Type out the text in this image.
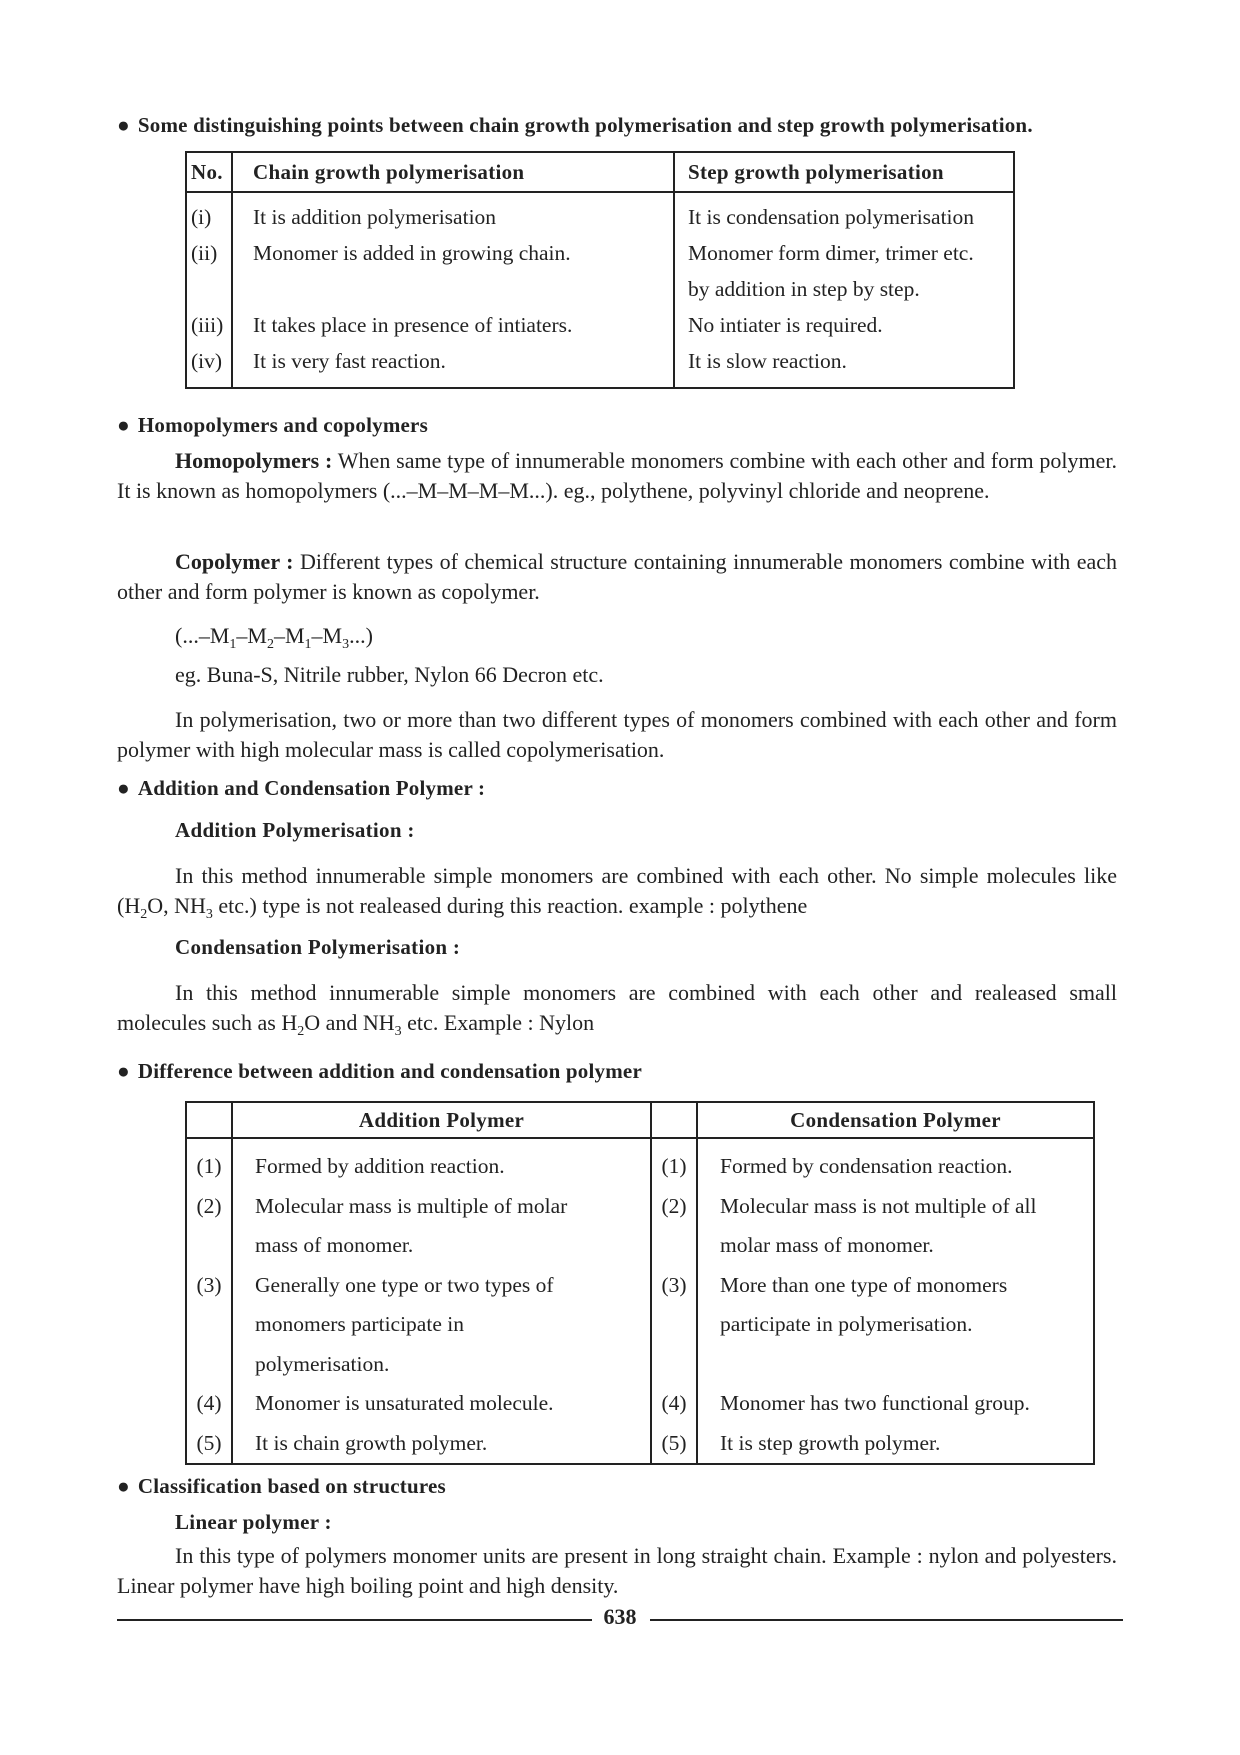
● Some distinguishing points between chain growth polymerisation and step growth polymerisation.
No.	Chain growth polymerisation	Step growth polymerisation
(i)	It is addition polymerisation	It is condensation polymerisation
(ii)	Monomer is added in growing chain.	Monomer form dimer, trimer etc.
		by addition in step by step.
(iii)	It takes place in presence of intiaters.	No intiater is required.
(iv)	It is very fast reaction.	It is slow reaction.
● Homopolymers and copolymers
Homopolymers : When same type of innumerable monomers combine with each other and form polymer. It is known as homopolymers (...–M–M–M–M...). eg., polythene, polyvinyl chloride and neoprene.
Copolymer : Different types of chemical structure containing innumerable monomers combine with each other and form polymer is known as copolymer.
$(...-M_1-M_2-M_1-M_3...)$
eg. Buna-S, Nitrile rubber, Nylon 66 Decron etc.
In polymerisation, two or more than two different types of monomers combined with each other and form polymer with high molecular mass is called copolymerisation.
● Addition and Condensation Polymer :
Addition Polymerisation :
In this method innumerable simple monomers are combined with each other. No simple molecules like ($H_2O$, $NH_3$ etc.) type is not realeased during this reaction. example : polythene
Condensation Polymerisation :
In this method innumerable simple monomers are combined with each other and realeased small molecules such as $H_2O$ and $NH_3$ etc. Example : Nylon
● Difference between addition and condensation polymer
	Addition Polymer		Condensation Polymer
(1)	Formed by addition reaction.	(1)	Formed by condensation reaction.
(2)	Molecular mass is multiple of molar	(2)	Molecular mass is not multiple of all
	mass of monomer.		molar mass of monomer.
(3)	Generally one type or two types of	(3)	More than one type of monomers
	monomers participate in		participate in polymerisation.
	polymerisation.		
(4)	Monomer is unsaturated molecule.	(4)	Monomer has two functional group.
(5)	It is chain growth polymer.	(5)	It is step growth polymer.
● Classification based on structures
Linear polymer :
In this type of polymers monomer units are present in long straight chain. Example : nylon and polyesters. Linear polymer have high boiling point and high density.
638
